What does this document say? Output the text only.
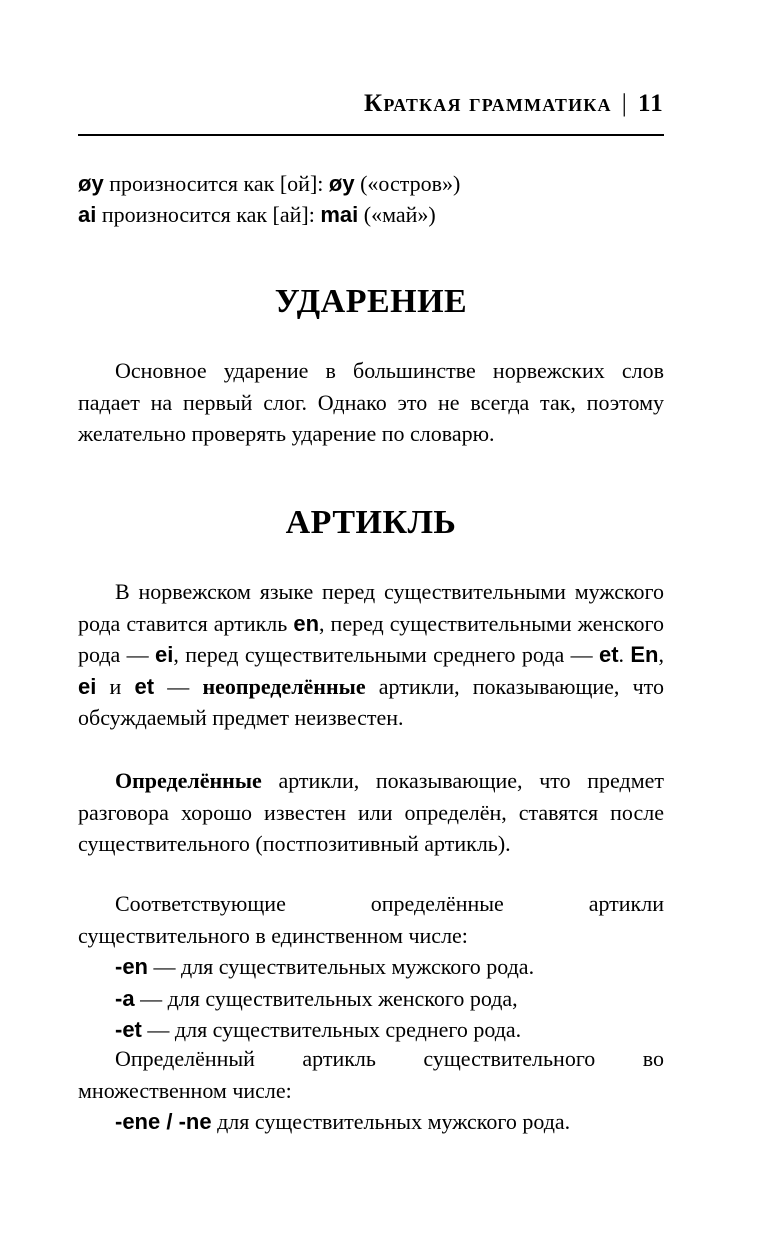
Краткая грамматика | 11
øy произносится как [ой]: øy («остров»)
ai произносится как [ай]: mai («май»)
УДАРЕНИЕ

Основное ударение в большинстве норвежских слов падает на первый слог. Однако это не всегда так, поэтому желательно проверять ударение по словарю.

АРТИКЛЬ

В норвежском языке перед существительными мужского рода ставится артикль en, перед существительными женского рода — ei, перед существительными среднего рода — et. En, ei и et — неопределённые артикли, показывающие, что обсуждаемый предмет неизвестен.

Определённые артикли, показывающие, что предмет разговора хорошо известен или определён, ставятся после существительного (постпозитивный артикль).

Соответствующие определённые артикли существительного в единственном числе:

-en — для существительных мужского рода.
-a — для существительных женского рода,
-et — для существительных среднего рода.

Определённый артикль существительного во множественном числе:

-ene / -ne для существительных мужского рода.
